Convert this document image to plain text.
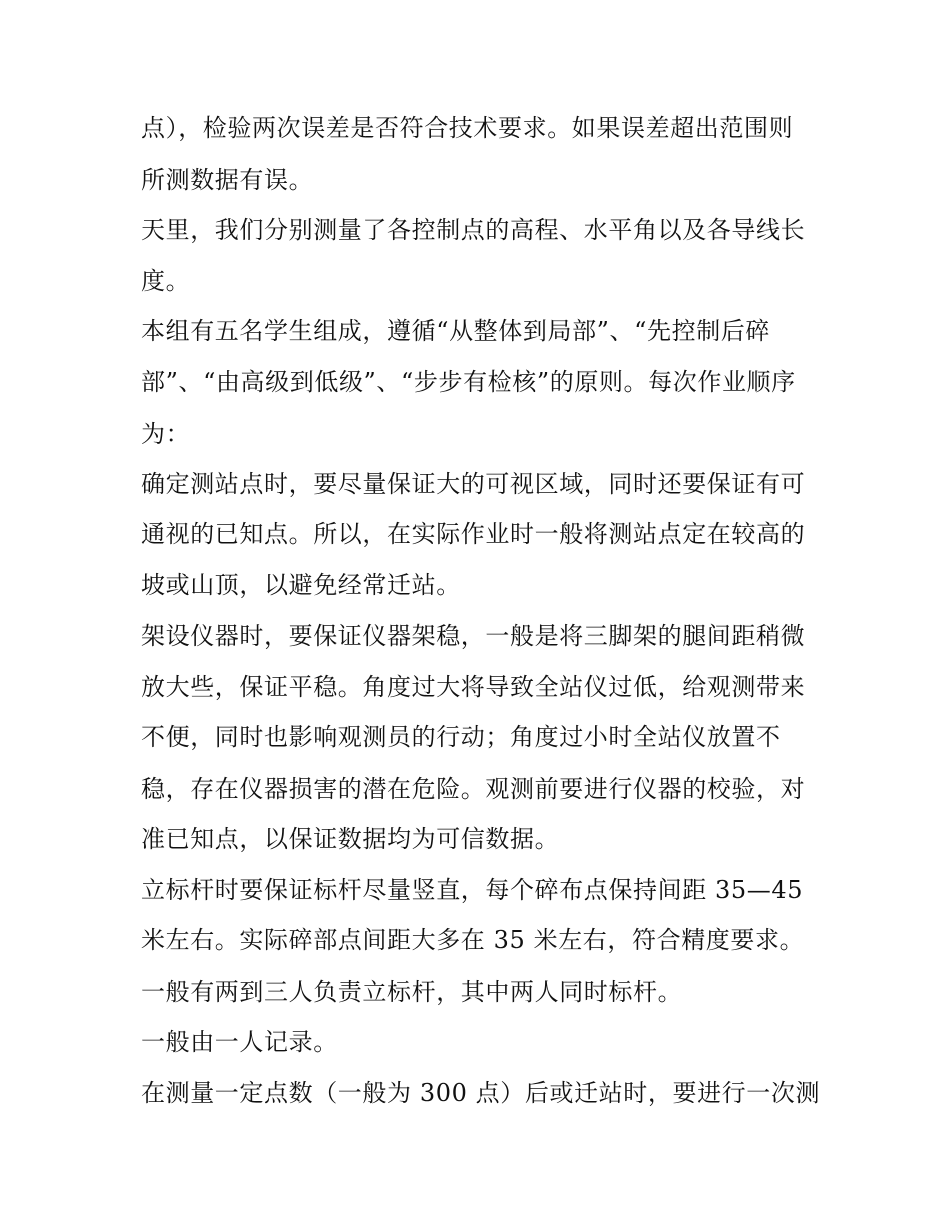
点），检验两次误差是否符合技术要求。如果误差超出范围则
所测数据有误。
天里，我们分别测量了各控制点的高程、水平角以及各导线长
度。
本组有五名学生组成，遵循“从整体到局部”、“先控制后碎
部”、“由高级到低级”、“步步有检核”的原则。每次作业顺序
为：
确定测站点时，要尽量保证大的可视区域，同时还要保证有可
通视的已知点。所以，在实际作业时一般将测站点定在较高的
坡或山顶，以避免经常迁站。
架设仪器时，要保证仪器架稳，一般是将三脚架的腿间距稍微
放大些，保证平稳。角度过大将导致全站仪过低，给观测带来
不便，同时也影响观测员的行动；角度过小时全站仪放置不
稳，存在仪器损害的潜在危险。观测前要进行仪器的校验，对
准已知点，以保证数据均为可信数据。
立标杆时要保证标杆尽量竖直，每个碎布点保持间距 35—45
米左右。实际碎部点间距大多在 35 米左右，符合精度要求。
一般有两到三人负责立标杆，其中两人同时标杆。
一般由一人记录。
在测量一定点数（一般为 300 点）后或迁站时，要进行一次测
